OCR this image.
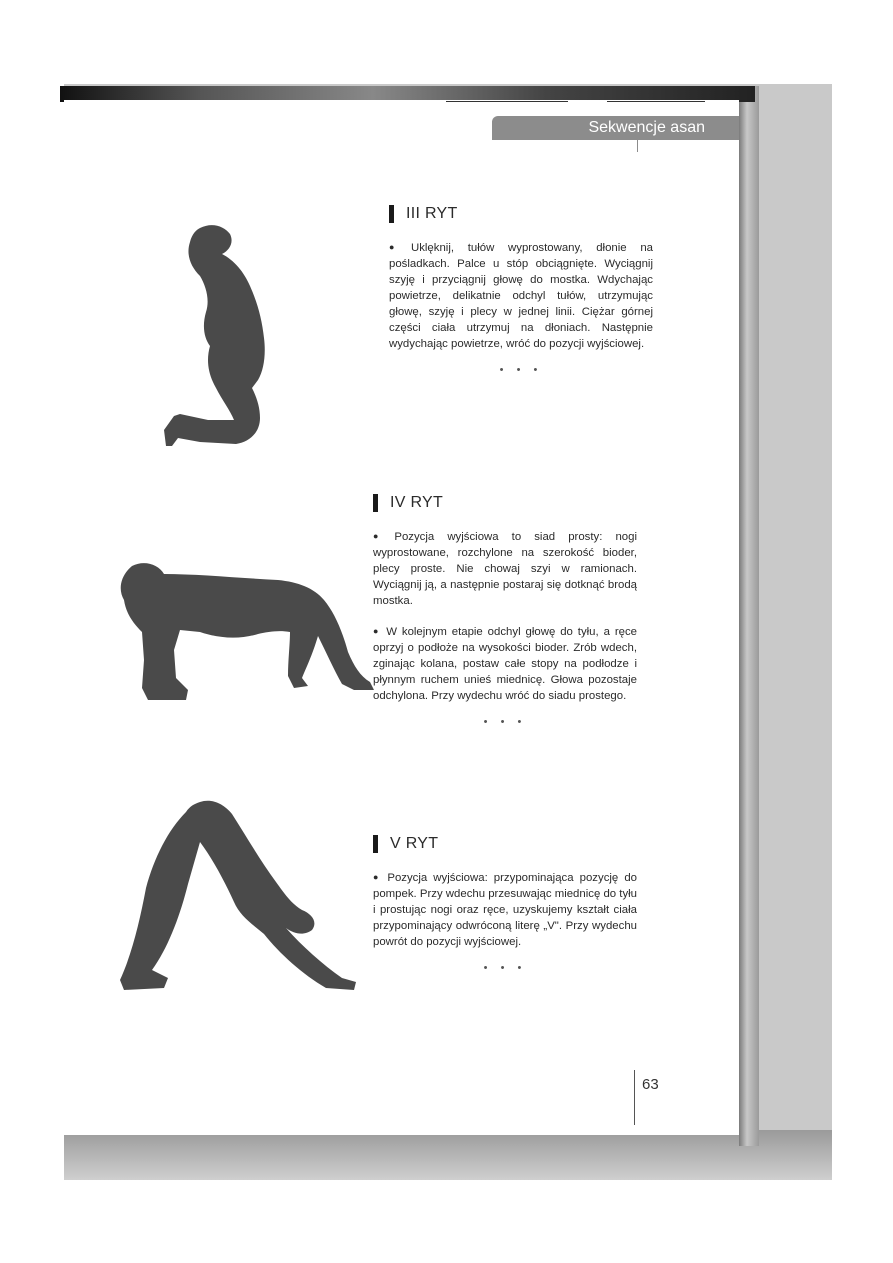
Sekwencje asan
III RYT

● Uklęknij, tułów wyprostowany, dłonie na pośladkach. Palce u stóp obciągnięte. Wyciągnij szyję i przyciągnij głowę do mostka. Wdychając powietrze, delikatnie odchyl tułów, utrzymując głowę, szyję i plecy w jednej linii. Ciężar górnej części ciała utrzymuj na dłoniach. Następnie wydychając powietrze, wróć do pozycji wyjściowej.

• • •
IV RYT

● Pozycja wyjściowa to siad prosty: nogi wyprostowane, rozchylone na szerokość bioder, plecy proste. Nie chowaj szyi w ramionach. Wyciągnij ją, a następnie postaraj się dotknąć brodą mostka.

● W kolejnym etapie odchyl głowę do tyłu, a ręce oprzyj o podłoże na wysokości bioder. Zrób wdech, zginając kolana, postaw całe stopy na podłodze i płynnym ruchem unieś miednicę. Głowa pozostaje odchylona. Przy wydechu wróć do siadu prostego.

• • •
V RYT

● Pozycja wyjściowa: przypominająca pozycję do pompek. Przy wdechu przesuwając miednicę do tyłu i prostując nogi oraz ręce, uzyskujemy kształt ciała przypominający odwróconą literę „V". Przy wydechu powrót do pozycji wyjściowej.

• • •
63
